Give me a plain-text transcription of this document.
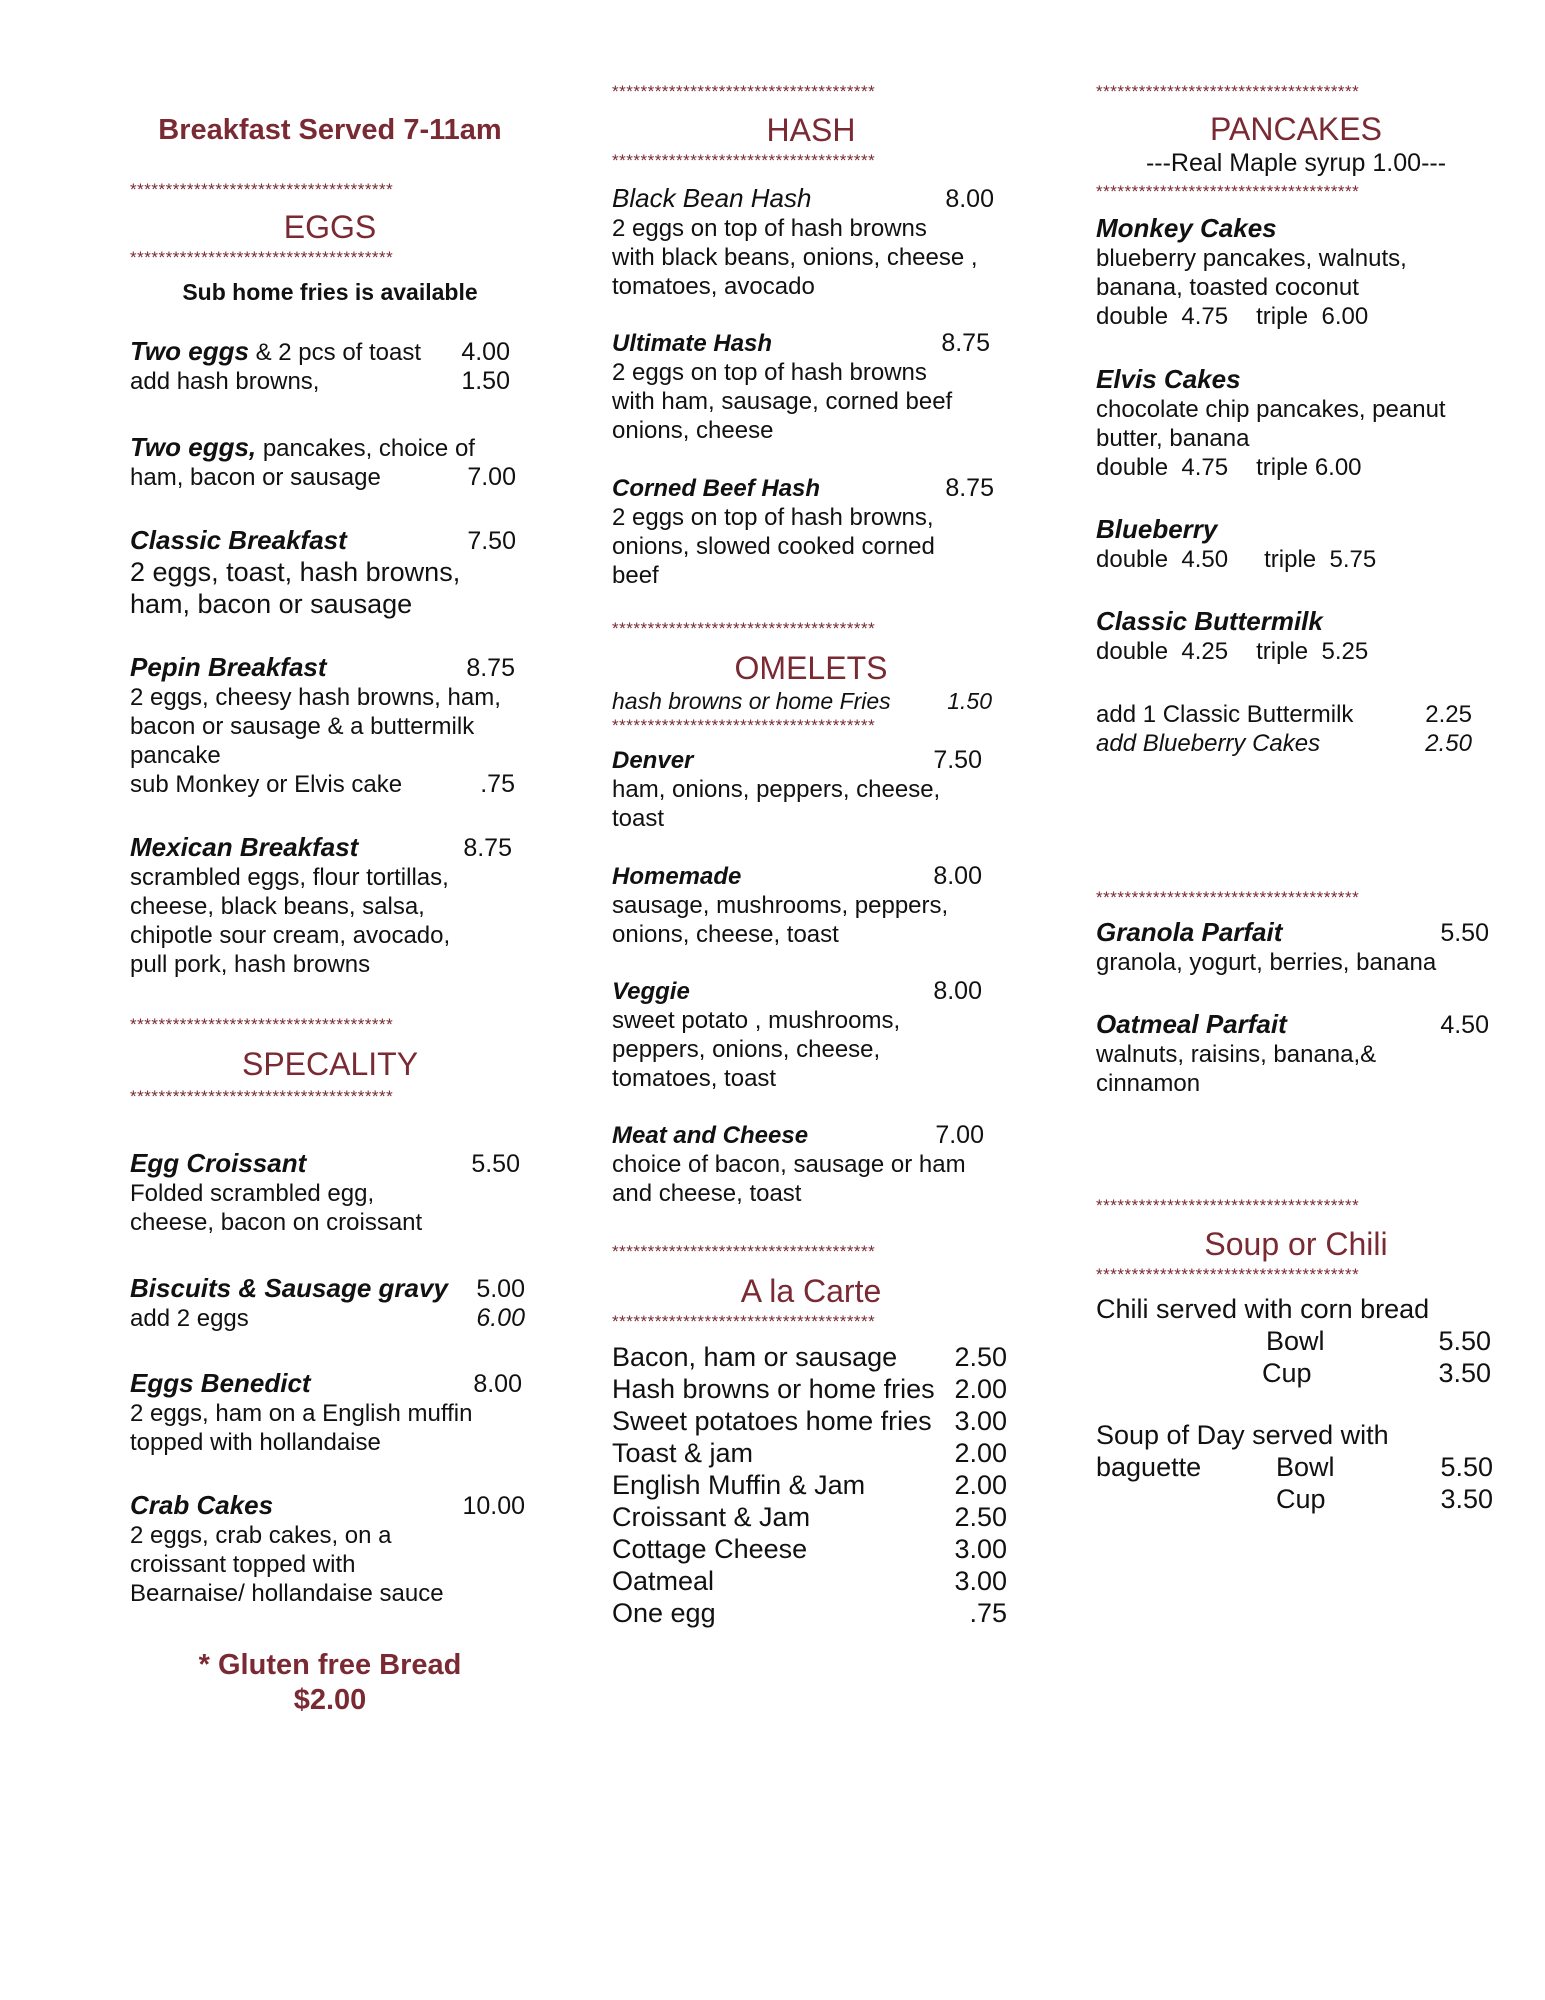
Breakfast Served 7-11am
*************************************
EGGS
*************************************
Sub home fries is available
Two eggs & 2 pcs of toast 4.00
add hash browns,	1.50
Two eggs, pancakes, choice of
ham, bacon or sausage	7.00
Classic Breakfast	7.50
2 eggs, toast, hash browns,
ham, bacon or sausage
Pepin Breakfast	8.75
2 eggs, cheesy hash browns, ham,
bacon or sausage & a buttermilk
pancake
sub Monkey or Elvis cake	.75
Mexican Breakfast	8.75
scrambled eggs, flour tortillas,
cheese, black beans, salsa,
chipotle sour cream, avocado,
pull pork, hash browns
*************************************
SPECALITY
*************************************
Egg Croissant	5.50
Folded scrambled egg,
cheese, bacon on croissant
Biscuits & Sausage gravy 5.00
add 2 eggs	6.00
Eggs Benedict	8.00
2 eggs, ham on a English muffin
topped with hollandaise
Crab Cakes	10.00
2 eggs, crab cakes, on a
croissant topped with
Bearnaise/ hollandaise sauce
* Gluten free Bread
$2.00
*************************************
HASH
*************************************
Black Bean Hash	8.00
2 eggs on top of hash browns
with black beans, onions, cheese ,
tomatoes, avocado
Ultimate Hash	8.75
2 eggs on top of hash browns
with ham, sausage, corned beef
onions, cheese
Corned Beef Hash	8.75
2 eggs on top of hash browns,
onions, slowed cooked corned
beef
*************************************
OMELETS
hash browns or home Fries 1.50
*************************************
Denver	7.50
ham, onions, peppers, cheese,
toast
Homemade	8.00
sausage, mushrooms, peppers,
onions, cheese, toast
Veggie	8.00
sweet potato , mushrooms,
peppers, onions, cheese,
tomatoes, toast
Meat and Cheese	7.00
choice of bacon, sausage or ham
and cheese, toast
*************************************
A la Carte
*************************************
Bacon, ham or sausage 2.50
Hash browns or home fries 2.00
Sweet potatoes home fries 3.00
Toast & jam	2.00
English Muffin & Jam	2.00
Croissant & Jam	2.50
Cottage Cheese	3.00
Oatmeal	3.00
One egg	.75
*************************************
PANCAKES
---Real Maple syrup 1.00---
*************************************
Monkey Cakes
blueberry pancakes, walnuts,
banana, toasted coconut
double  4.75 triple  6.00
Elvis Cakes
chocolate chip pancakes, peanut
butter, banana
double  4.75 triple 6.00
Blueberry
double  4.50 triple  5.75
Classic Buttermilk
double  4.25 triple  5.25
add 1 Classic Buttermilk	2.25
add Blueberry Cakes	2.50
*************************************
Granola Parfait	5.50
granola, yogurt, berries, banana
Oatmeal Parfait	4.50
walnuts, raisins, banana,&
cinnamon
*************************************
Soup or Chili
*************************************
Chili served with corn bread
Bowl	5.50
Cup	3.50
Soup of Day served with
baguette	Bowl	5.50
Cup	3.50
